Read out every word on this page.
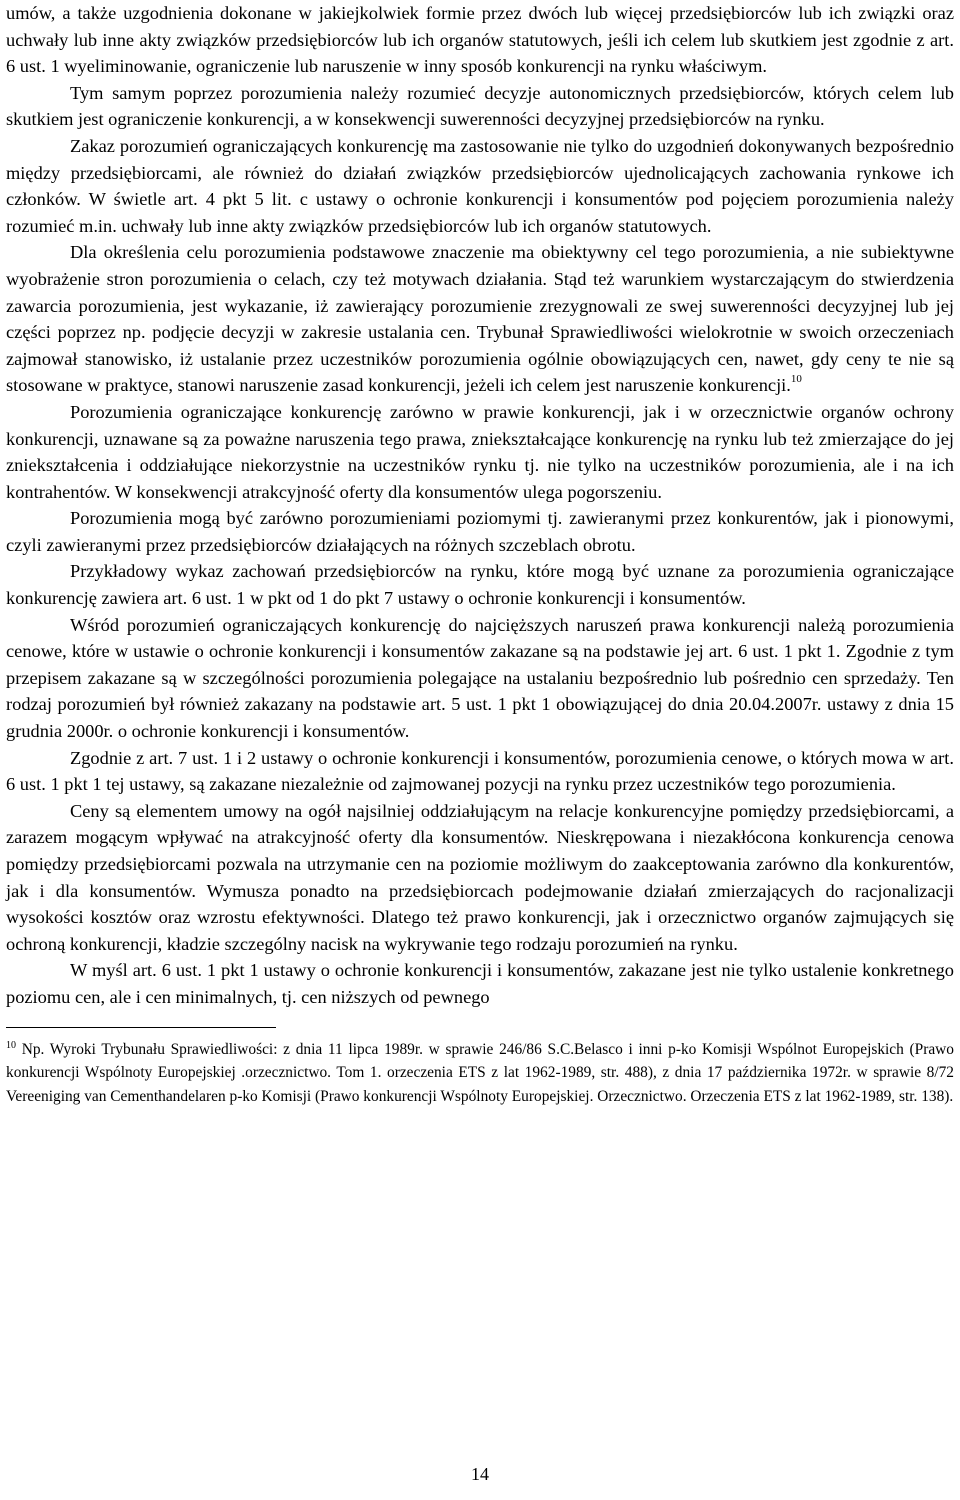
umów, a także uzgodnienia dokonane w jakiejkolwiek formie przez dwóch lub więcej przedsiębiorców lub ich związki oraz uchwały lub inne akty związków przedsiębiorców lub ich organów statutowych, jeśli ich celem lub skutkiem jest zgodnie z art. 6 ust. 1 wyeliminowanie, ograniczenie lub naruszenie w inny sposób konkurencji na rynku właściwym.

Tym samym poprzez porozumienia należy rozumieć decyzje autonomicznych przedsiębiorców, których celem lub skutkiem jest ograniczenie konkurencji, a w konsekwencji suwerenności decyzyjnej przedsiębiorców na rynku.

Zakaz porozumień ograniczających konkurencję ma zastosowanie nie tylko do uzgodnień dokonywanych bezpośrednio między przedsiębiorcami, ale również do działań związków przedsiębiorców ujednolicających zachowania rynkowe ich członków. W świetle art. 4 pkt 5 lit. c ustawy o ochronie konkurencji i konsumentów pod pojęciem porozumienia należy rozumieć m.in. uchwały lub inne akty związków przedsiębiorców lub ich organów statutowych.

Dla określenia celu porozumienia podstawowe znaczenie ma obiektywny cel tego porozumienia, a nie subiektywne wyobrażenie stron porozumienia o celach, czy też motywach działania. Stąd też warunkiem wystarczającym do stwierdzenia zawarcia porozumienia, jest wykazanie, iż zawierający porozumienie zrezygnowali ze swej suwerenności decyzyjnej lub jej części poprzez np. podjęcie decyzji w zakresie ustalania cen. Trybunał Sprawiedliwości wielokrotnie w swoich orzeczeniach zajmował stanowisko, iż ustalanie przez uczestników porozumienia ogólnie obowiązujących cen, nawet, gdy ceny te nie są stosowane w praktyce, stanowi naruszenie zasad konkurencji, jeżeli ich celem jest naruszenie konkurencji.$^{10}$

Porozumienia ograniczające konkurencję zarówno w prawie konkurencji, jak i w orzecznictwie organów ochrony konkurencji, uznawane są za poważne naruszenia tego prawa, zniekształcające konkurencję na rynku lub też zmierzające do jej zniekształcenia i oddziałujące niekorzystnie na uczestników rynku tj. nie tylko na uczestników porozumienia, ale i na ich kontrahentów. W konsekwencji atrakcyjność oferty dla konsumentów ulega pogorszeniu.

Porozumienia mogą być zarówno porozumieniami poziomymi tj. zawieranymi przez konkurentów, jak i pionowymi, czyli zawieranymi przez przedsiębiorców działających na różnych szczeblach obrotu.

Przykładowy wykaz zachowań przedsiębiorców na rynku, które mogą być uznane za porozumienia ograniczające konkurencję zawiera art. 6 ust. 1 w pkt od 1 do pkt 7 ustawy o ochronie konkurencji i konsumentów.

Wśród porozumień ograniczających konkurencję do najcięższych naruszeń prawa konkurencji należą porozumienia cenowe, które w ustawie o ochronie konkurencji i konsumentów zakazane są na podstawie jej art. 6 ust. 1 pkt 1. Zgodnie z tym przepisem zakazane są w szczególności porozumienia polegające na ustalaniu bezpośrednio lub pośrednio cen sprzedaży. Ten rodzaj porozumień był również zakazany na podstawie art. 5 ust. 1 pkt 1 obowiązującej do dnia 20.04.2007r. ustawy z dnia 15 grudnia 2000r. o ochronie konkurencji i konsumentów.

Zgodnie z art. 7 ust. 1 i 2 ustawy o ochronie konkurencji i konsumentów, porozumienia cenowe, o których mowa w art. 6 ust. 1 pkt 1 tej ustawy, są zakazane niezależnie od zajmowanej pozycji na rynku przez uczestników tego porozumienia.

Ceny są elementem umowy na ogół najsilniej oddziałującym na relacje konkurencyjne pomiędzy przedsiębiorcami, a zarazem mogącym wpływać na atrakcyjność oferty dla konsumentów. Nieskrępowana i niezakłócona konkurencja cenowa pomiędzy przedsiębiorcami pozwala na utrzymanie cen na poziomie możliwym do zaakceptowania zarówno dla konkurentów, jak i dla konsumentów. Wymusza ponadto na przedsiębiorcach podejmowanie działań zmierzających do racjonalizacji wysokości kosztów oraz wzrostu efektywności. Dlatego też prawo konkurencji, jak i orzecznictwo organów zajmujących się ochroną konkurencji, kładzie szczególny nacisk na wykrywanie tego rodzaju porozumień na rynku.

W myśl art. 6 ust. 1 pkt 1 ustawy o ochronie konkurencji i konsumentów, zakazane jest nie tylko ustalenie konkretnego poziomu cen, ale i cen minimalnych, tj. cen niższych od pewnego

$^{10}$ Np. Wyroki Trybunału Sprawiedliwości: z dnia 11 lipca 1989r. w sprawie 246/86 S.C.Belasco i inni p-ko Komisji Wspólnot Europejskich (Prawo konkurencji Wspólnoty Europejskiej .orzecznictwo. Tom 1. orzeczenia ETS z lat 1962-1989, str. 488), z dnia 17 października 1972r. w sprawie 8/72 Vereeniging van Cementhandelaren p-ko Komisji (Prawo konkurencji Wspólnoty Europejskiej. Orzecznictwo. Orzeczenia ETS z lat 1962-1989, str. 138).

14
